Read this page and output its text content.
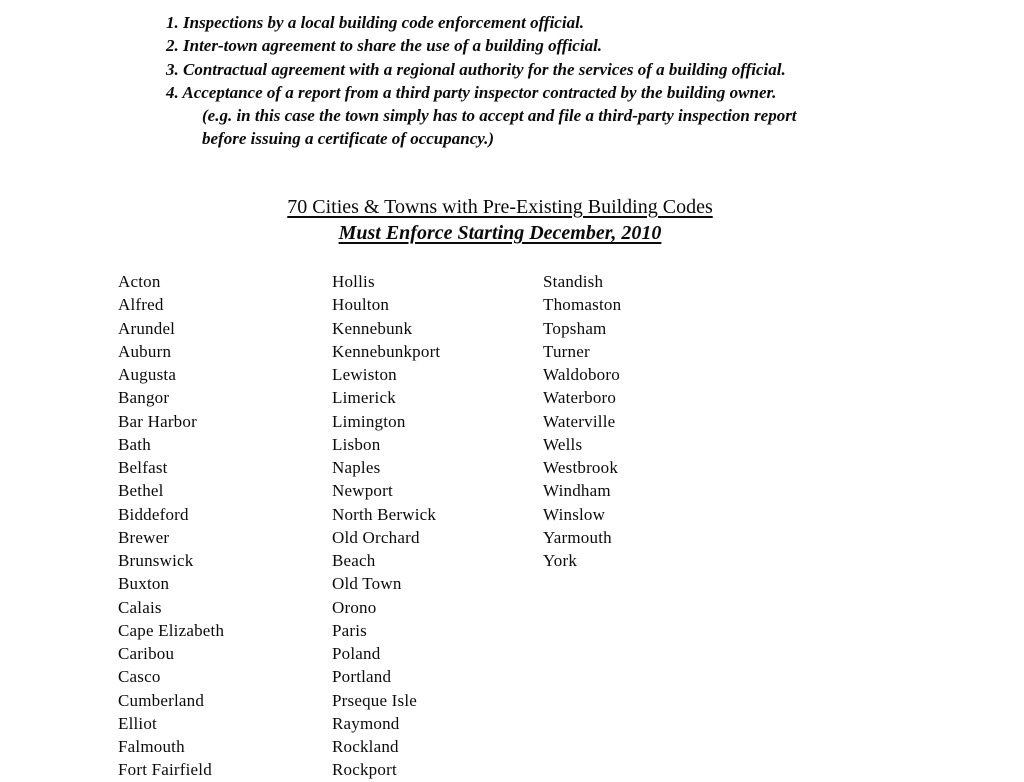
1. Inspections by a local building code enforcement official.
2. Inter-town agreement to share the use of a building official.
3. Contractual agreement with a regional authority for the services of a building official.
4. Acceptance of a report from a third party inspector contracted by the building owner.
(e.g. in this case the town simply has to accept and file a third-party inspection report
before issuing a certificate of occupancy.)
70 Cities & Towns with Pre-Existing Building Codes
Must Enforce Starting December, 2010
Acton
Alfred
Arundel
Auburn
Augusta
Bangor
Bar Harbor
Bath
Belfast
Bethel
Biddeford
Brewer
Brunswick
Buxton
Calais
Cape Elizabeth
Caribou
Casco
Cumberland
Elliot
Falmouth
Fort Fairfield
Hollis
Houlton
Kennebunk
Kennebunkport
Lewiston
Limerick
Limington
Lisbon
Naples
Newport
North Berwick
Old Orchard
Beach
Old Town
Orono
Paris
Poland
Portland
Prseque Isle
Raymond
Rockland
Rockport
Standish
Thomaston
Topsham
Turner
Waldoboro
Waterboro
Waterville
Wells
Westbrook
Windham
Winslow
Yarmouth
York
